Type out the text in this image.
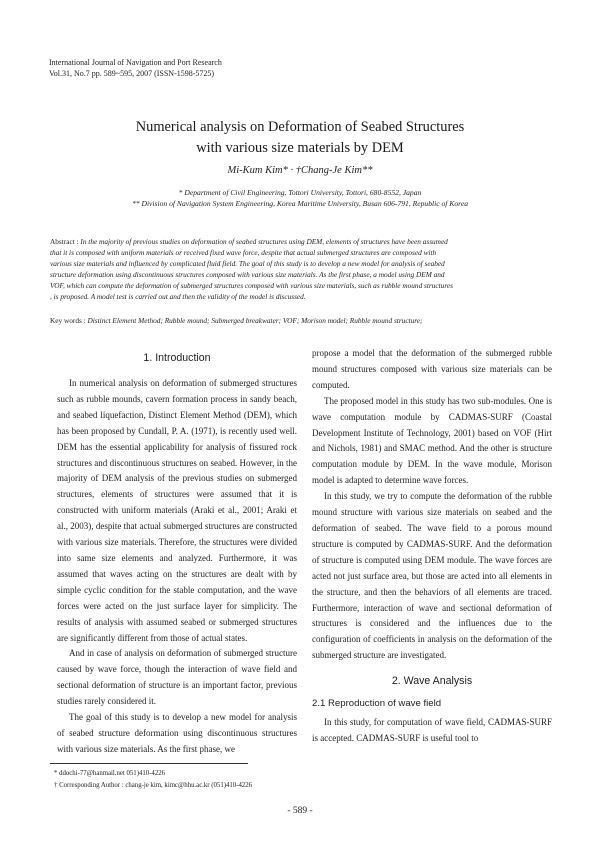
International Journal of Navigation and Port Research
Vol.31, No.7 pp. 589~595, 2007 (ISSN-1598-5725)
Numerical analysis on Deformation of Seabed Structures
with various size materials by DEM
Mi-Kum Kim* · †Chang-Je Kim**
* Department of Civil Engineering, Tottori University, Tottori, 680-8552, Japan
** Division of Navigation System Engineering, Korea Maritime University, Busan 606-791, Republic of Korea
Abstract : In the majority of previous studies on deformation of seabed structures using DEM, elements of structures have been assumed
that it is composed with uniform materials or received fixed wave force, despite that actual submerged structures are composed with
various size materials and influenced by complicated fluid field. The goal of this study is to develop a new model for analysis of seabed
structure deformation using discontinuous structures composed with various size materials. As the first phase, a model using DEM and
VOF, which can compute the deformation of submerged structures composed with various size materials, such as rubble mound structures
, is proposed. A model test is carried out and then the validity of the model is discussed.
Key words : Distinct Element Method; Rubble mound; Submerged breakwater; VOF; Morison model; Rubble mound structure;
1. Introduction

In numerical analysis on deformation of submerged structures such as rubble mounds, cavern formation process in sandy beach, and seabed liquefaction, Distinct Element Method (DEM), which has been proposed by Cundall, P. A. (1971), is recently used well. DEM has the essential applicability for analysis of fissured rock structures and discontinuous structures on seabed. However, in the majority of DEM analysis of the previous studies on submerged structures, elements of structures were assumed that it is constructed with uniform materials (Araki et al., 2001; Araki et al., 2003), despite that actual submerged structures are constructed with various size materials. Therefore, the structures were divided into same size elements and analyzed. Furthermore, it was assumed that waves acting on the structures are dealt with by simple cyclic condition for the stable computation, and the wave forces were acted on the just surface layer for simplicity. The results of analysis with assumed seabed or submerged structures are significantly different from those of actual states.

And in case of analysis on deformation of submerged structure caused by wave force, though the interaction of wave field and sectional deformation of structure is an important factor, previous studies rarely considered it.

The goal of this study is to develop a new model for analysis of seabed structure deformation using discontinuous structures with various size materials. As the first phase, we

propose a model that the deformation of the submerged rubble mound structures composed with various size materials can be computed.

The proposed model in this study has two sub-modules. One is wave computation module by CADMAS-SURF (Coastal Development Institute of Technology, 2001) based on VOF (Hirt and Nichols, 1981) and SMAC method. And the other is structure computation module by DEM. In the wave module, Morison model is adapted to determine wave forces.

In this study, we try to compute the deformation of the rubble mound structure with various size materials on seabed and the deformation of seabed. The wave field to a porous mound structure is computed by CADMAS-SURF. And the deformation of structure is computed using DEM module. The wave forces are acted not just surface area, but those are acted into all elements in the structure, and then the behaviors of all elements are traced. Furthermore, interaction of wave and sectional deformation of structures is considered and the influences due to the configuration of coefficients in analysis on the deformation of the submerged structure are investigated.

2. Wave Analysis
2.1 Reproduction of wave field

In this study, for computation of wave field, CADMAS-SURF is accepted. CADMAS-SURF is useful tool to

* ddochi-77@hanmail.net 051)410-4226
† Corresponding Author : chang-je kim, kimc@hhu.ac.kr (051)410-4226
- 589 -
